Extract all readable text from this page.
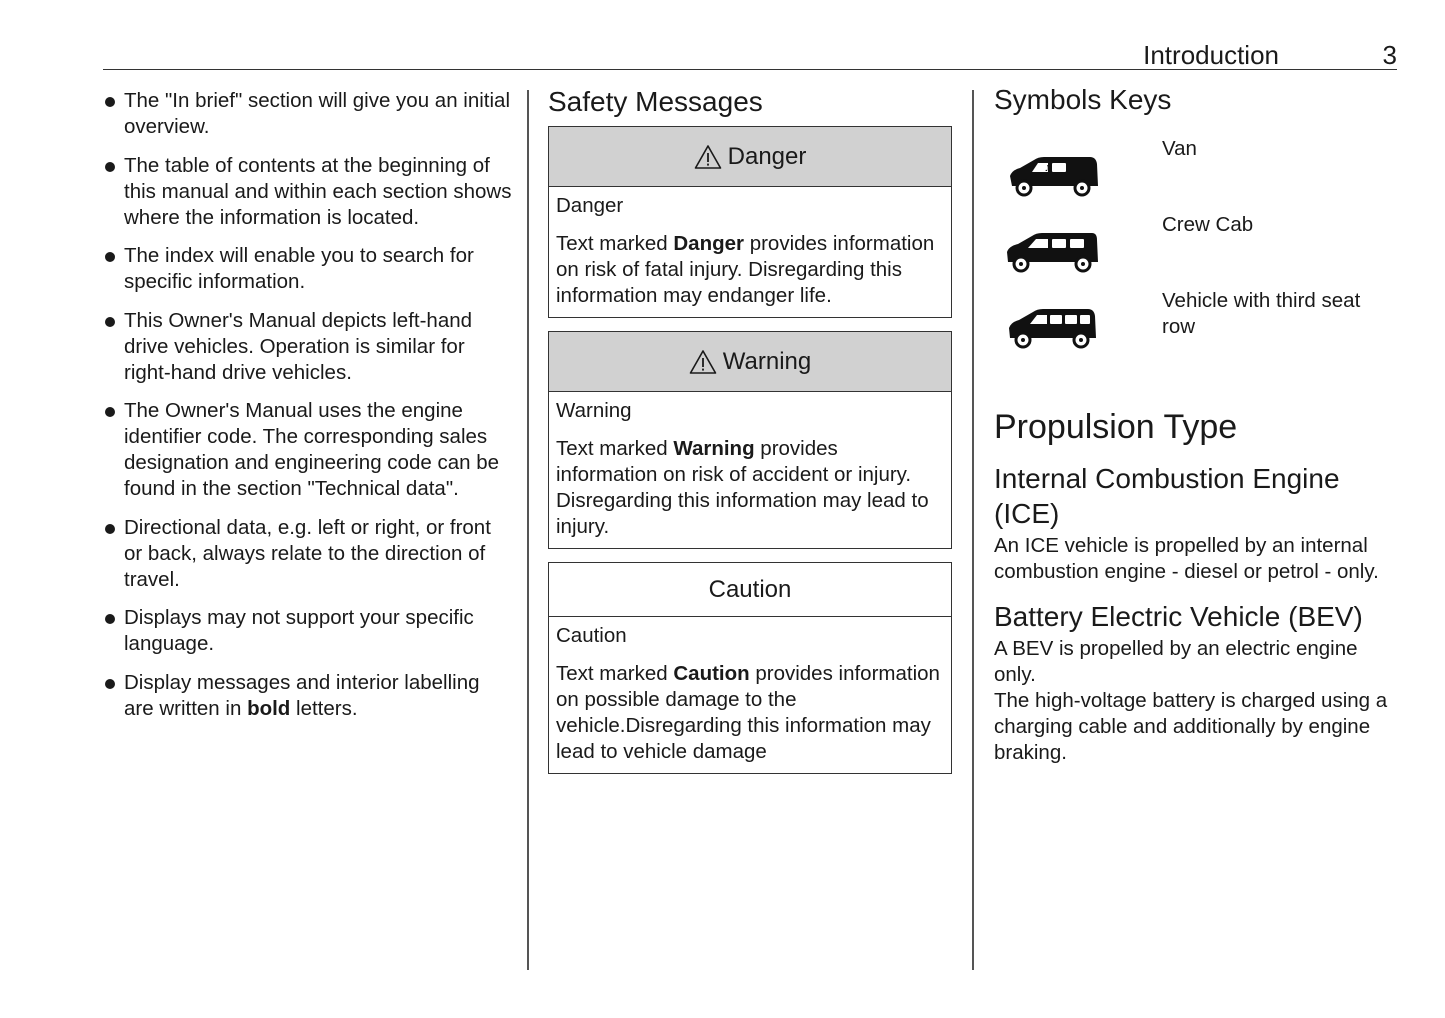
Introduction	3
The "In brief" section will give you an initial overview.
The table of contents at the beginning of this manual and within each section shows where the information is located.
The index will enable you to search for specific information.
This Owner's Manual depicts left-hand drive vehicles. Operation is similar for right-hand drive vehicles.
The Owner's Manual uses the engine identifier code. The corresponding sales designation and engineering code can be found in the section "Technical data".
Directional data, e.g. left or right, or front or back, always relate to the direction of travel.
Displays may not support your specific language.
Display messages and interior labelling are written in bold letters.
Safety Messages
Danger
Danger
Text marked Danger provides information on risk of fatal injury. Disregarding this information may endanger life.
Warning
Warning
Text marked Warning provides information on risk of accident or injury. Disregarding this information may lead to injury.
Caution
Caution
Text marked Caution provides information on possible damage to the vehicle.Disregarding this information may lead to vehicle damage
Symbols Keys
♫
Van
Crew Cab
Vehicle with third seat row
Propulsion Type
Internal Combustion Engine (ICE)

An ICE vehicle is propelled by an internal combustion engine - diesel or petrol - only.

Battery Electric Vehicle (BEV)

A BEV is propelled by an electric engine only.

The high-voltage battery is charged using a charging cable and additionally by engine braking.
